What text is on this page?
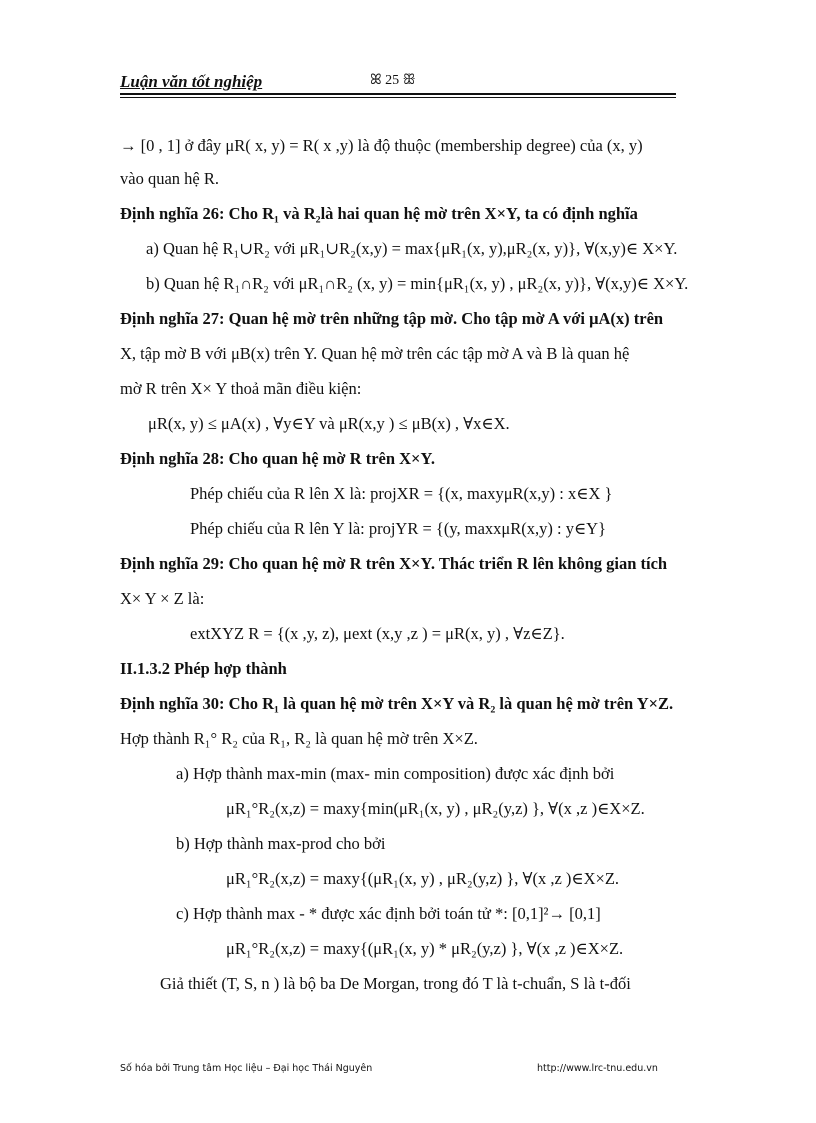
Luận văn tốt nghiệp	ꕤ 25 ꕥ
→ [0 , 1] ở đây μR( x, y) = R( x ,y) là độ thuộc (membership degree) của (x, y)
vào quan hệ R.
Định nghĩa 26: Cho R₁ và R₂là hai quan hệ mờ trên X×Y, ta có định nghĩa
a) Quan hệ R₁∪R₂ với μR₁∪R₂(x,y) = max{μR₁(x, y),μR₂(x, y)}, ∀(x,y)∈ X×Y.
b) Quan hệ R₁∩R₂ với μR₁∩R₂ (x, y) = min{μR₁(x, y) , μR₂(x, y)}, ∀(x,y)∈ X×Y.
Định nghĩa 27: Quan hệ mờ trên những tập mờ. Cho tập mờ A với μA(x) trên
X, tập mờ B với μB(x) trên Y. Quan hệ mờ trên các tập mờ A và B là quan hệ
mờ R trên X× Y thoả mãn điều kiện:
μR(x, y) ≤ μA(x) , ∀y∈Y và μR(x,y ) ≤ μB(x) , ∀x∈X.
Định nghĩa 28: Cho quan hệ mờ R trên X×Y.
Phép chiếu của R lên X là: projXR = {(x, maxyμR(x,y) : x∈X }
Phép chiếu của R lên Y là: projYR = {(y, maxxμR(x,y) : y∈Y}
Định nghĩa 29: Cho quan hệ mờ R trên X×Y. Thác triển R lên không gian tích
X× Y × Z là:
extXYZ R = {(x ,y, z), μext (x,y ,z ) = μR(x, y) , ∀z∈Z}.
II.1.3.2 Phép hợp thành
Định nghĩa 30: Cho R₁ là quan hệ mờ trên X×Y và R₂ là quan hệ mờ trên Y×Z.
Hợp thành R₁° R₂ của R₁, R₂ là quan hệ mờ trên X×Z.
a) Hợp thành max-min (max- min composition) được xác định bởi
μR₁°R₂(x,z) = maxy{min(μR₁(x, y) , μR₂(y,z) }, ∀(x ,z )∈X×Z.
b) Hợp thành max-prod cho bởi
μR₁°R₂(x,z) = maxy{(μR₁(x, y) , μR₂(y,z) }, ∀(x ,z )∈X×Z.
c) Hợp thành max - * được xác định bởi toán tử *: [0,1]²→ [0,1]
μR₁°R₂(x,z) = maxy{(μR₁(x, y) * μR₂(y,z) }, ∀(x ,z )∈X×Z.
Giả thiết (T, S, n ) là bộ ba De Morgan, trong đó T là t-chuẩn, S là t-đối
Số hóa bởi Trung tâm Học liệu – Đại học Thái Nguyên	http://www.lrc-tnu.edu.vn
